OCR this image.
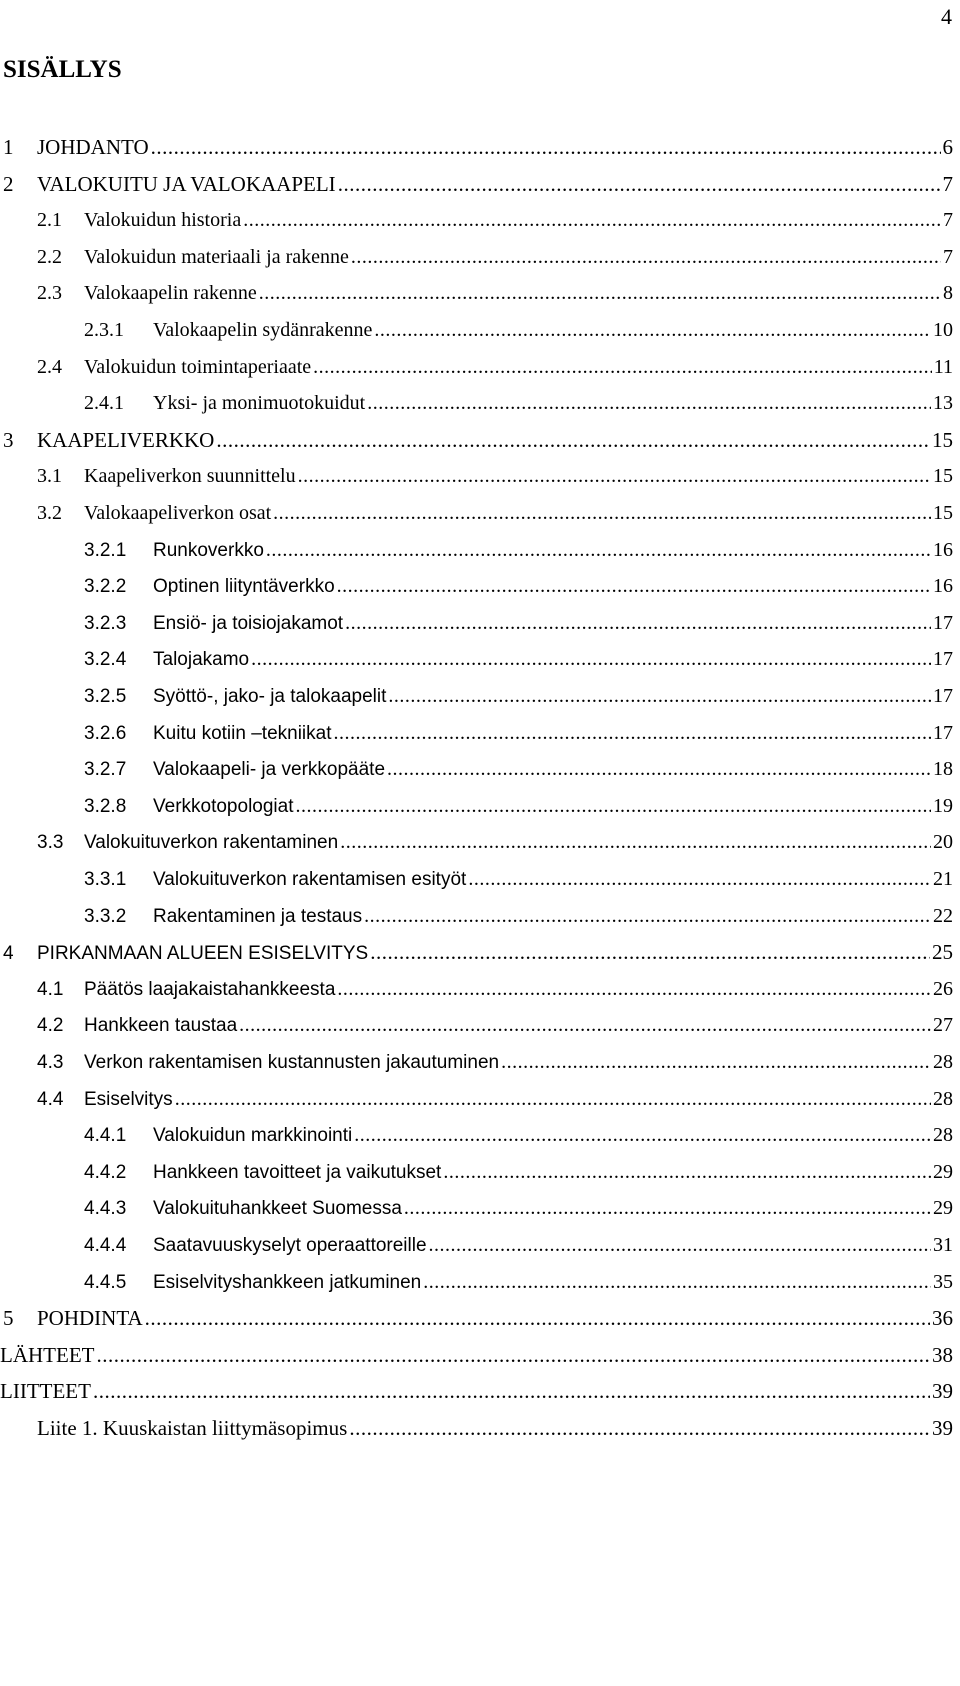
4
SISÄLLYS
1	JOHDANTO .....	6
2	VALOKUITU JA VALOKAAPELI .....	7
2.1	Valokuidun historia .....	7
2.2	Valokuidun materiaali ja rakenne .....	7
2.3	Valokaapelin rakenne .....	8
2.3.1	Valokaapelin sydänrakenne .....	10
2.4	Valokuidun toimintaperiaate .....	11
2.4.1	Yksi- ja monimuotokuidut .....	13
3	KAAPELIVERKKO .....	15
3.1	Kaapeliverkon suunnittelu .....	15
3.2	Valokaapeliverkon osat .....	15
3.2.1	Runkoverkko .....	16
3.2.2	Optinen liityntäverkko .....	16
3.2.3	Ensiö- ja toisiojakamot .....	17
3.2.4	Talojakamo .....	17
3.2.5	Syöttö-, jako- ja talokaapelit .....	17
3.2.6	Kuitu kotiin –tekniikat .....	17
3.2.7	Valokaapeli- ja verkkopääte .....	18
3.2.8	Verkkotopologiat .....	19
3.3	Valokuituverkon rakentaminen .....	20
3.3.1	Valokuituverkon rakentamisen esityöt .....	21
3.3.2	Rakentaminen ja testaus .....	22
4	PIRKANMAAN ALUEEN ESISELVITYS .....	25
4.1	Päätös laajakaistahankkeesta .....	26
4.2	Hankkeen taustaa .....	27
4.3	Verkon rakentamisen kustannusten jakautuminen .....	28
4.4	Esiselvitys .....	28
4.4.1	Valokuidun markkinointi .....	28
4.4.2	Hankkeen tavoitteet ja vaikutukset .....	29
4.4.3	Valokuituhankkeet Suomessa .....	29
4.4.4	Saatavuuskyselyt operaattoreille .....	31
4.4.5	Esiselvityshankkeen jatkuminen .....	35
5	POHDINTA .....	36
LÄHTEET .....	38
LIITTEET .....	39
Liite 1. Kuuskaistan liittymäsopimus .....	39
